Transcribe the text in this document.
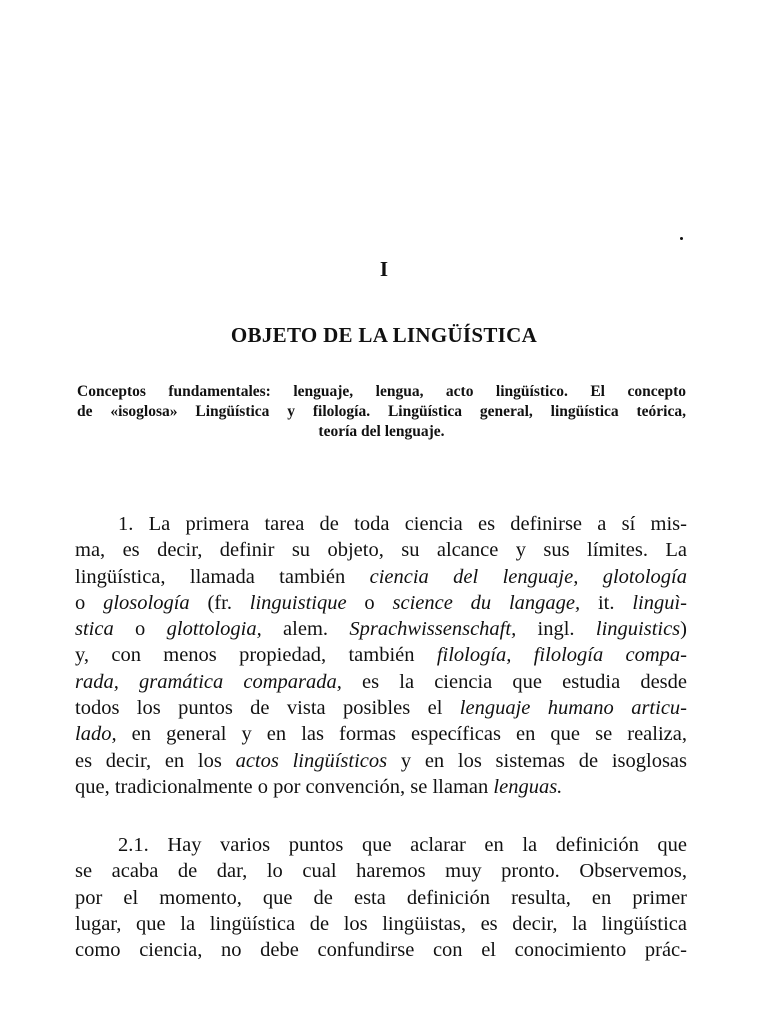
I
OBJETO DE LA LINGÜÍSTICA
Conceptos fundamentales: lenguaje, lengua, acto lingüístico. El concepto
de «isoglosa» Lingüística y filología. Lingüística general, lingüística teórica,
teoría del lenguaje.
1. La primera tarea de toda ciencia es definirse a sí mis-
ma, es decir, definir su objeto, su alcance y sus límites. La
lingüística, llamada también ciencia del lenguaje, glotología
o glosología (fr. linguistique o science du langage, it. linguì-
stica o glottologia, alem. Sprachwissenschaft, ingl. linguistics)
y, con menos propiedad, también filología, filología compa-
rada, gramática comparada, es la ciencia que estudia desde
todos los puntos de vista posibles el lenguaje humano articu-
lado, en general y en las formas específicas en que se realiza,
es decir, en los actos lingüísticos y en los sistemas de isoglosas
que, tradicionalmente o por convención, se llaman lenguas.
2.1. Hay varios puntos que aclarar en la definición que
se acaba de dar, lo cual haremos muy pronto. Observemos,
por el momento, que de esta definición resulta, en primer
lugar, que la lingüística de los lingüistas, es decir, la lingüística
como ciencia, no debe confundirse con el conocimiento prác-
